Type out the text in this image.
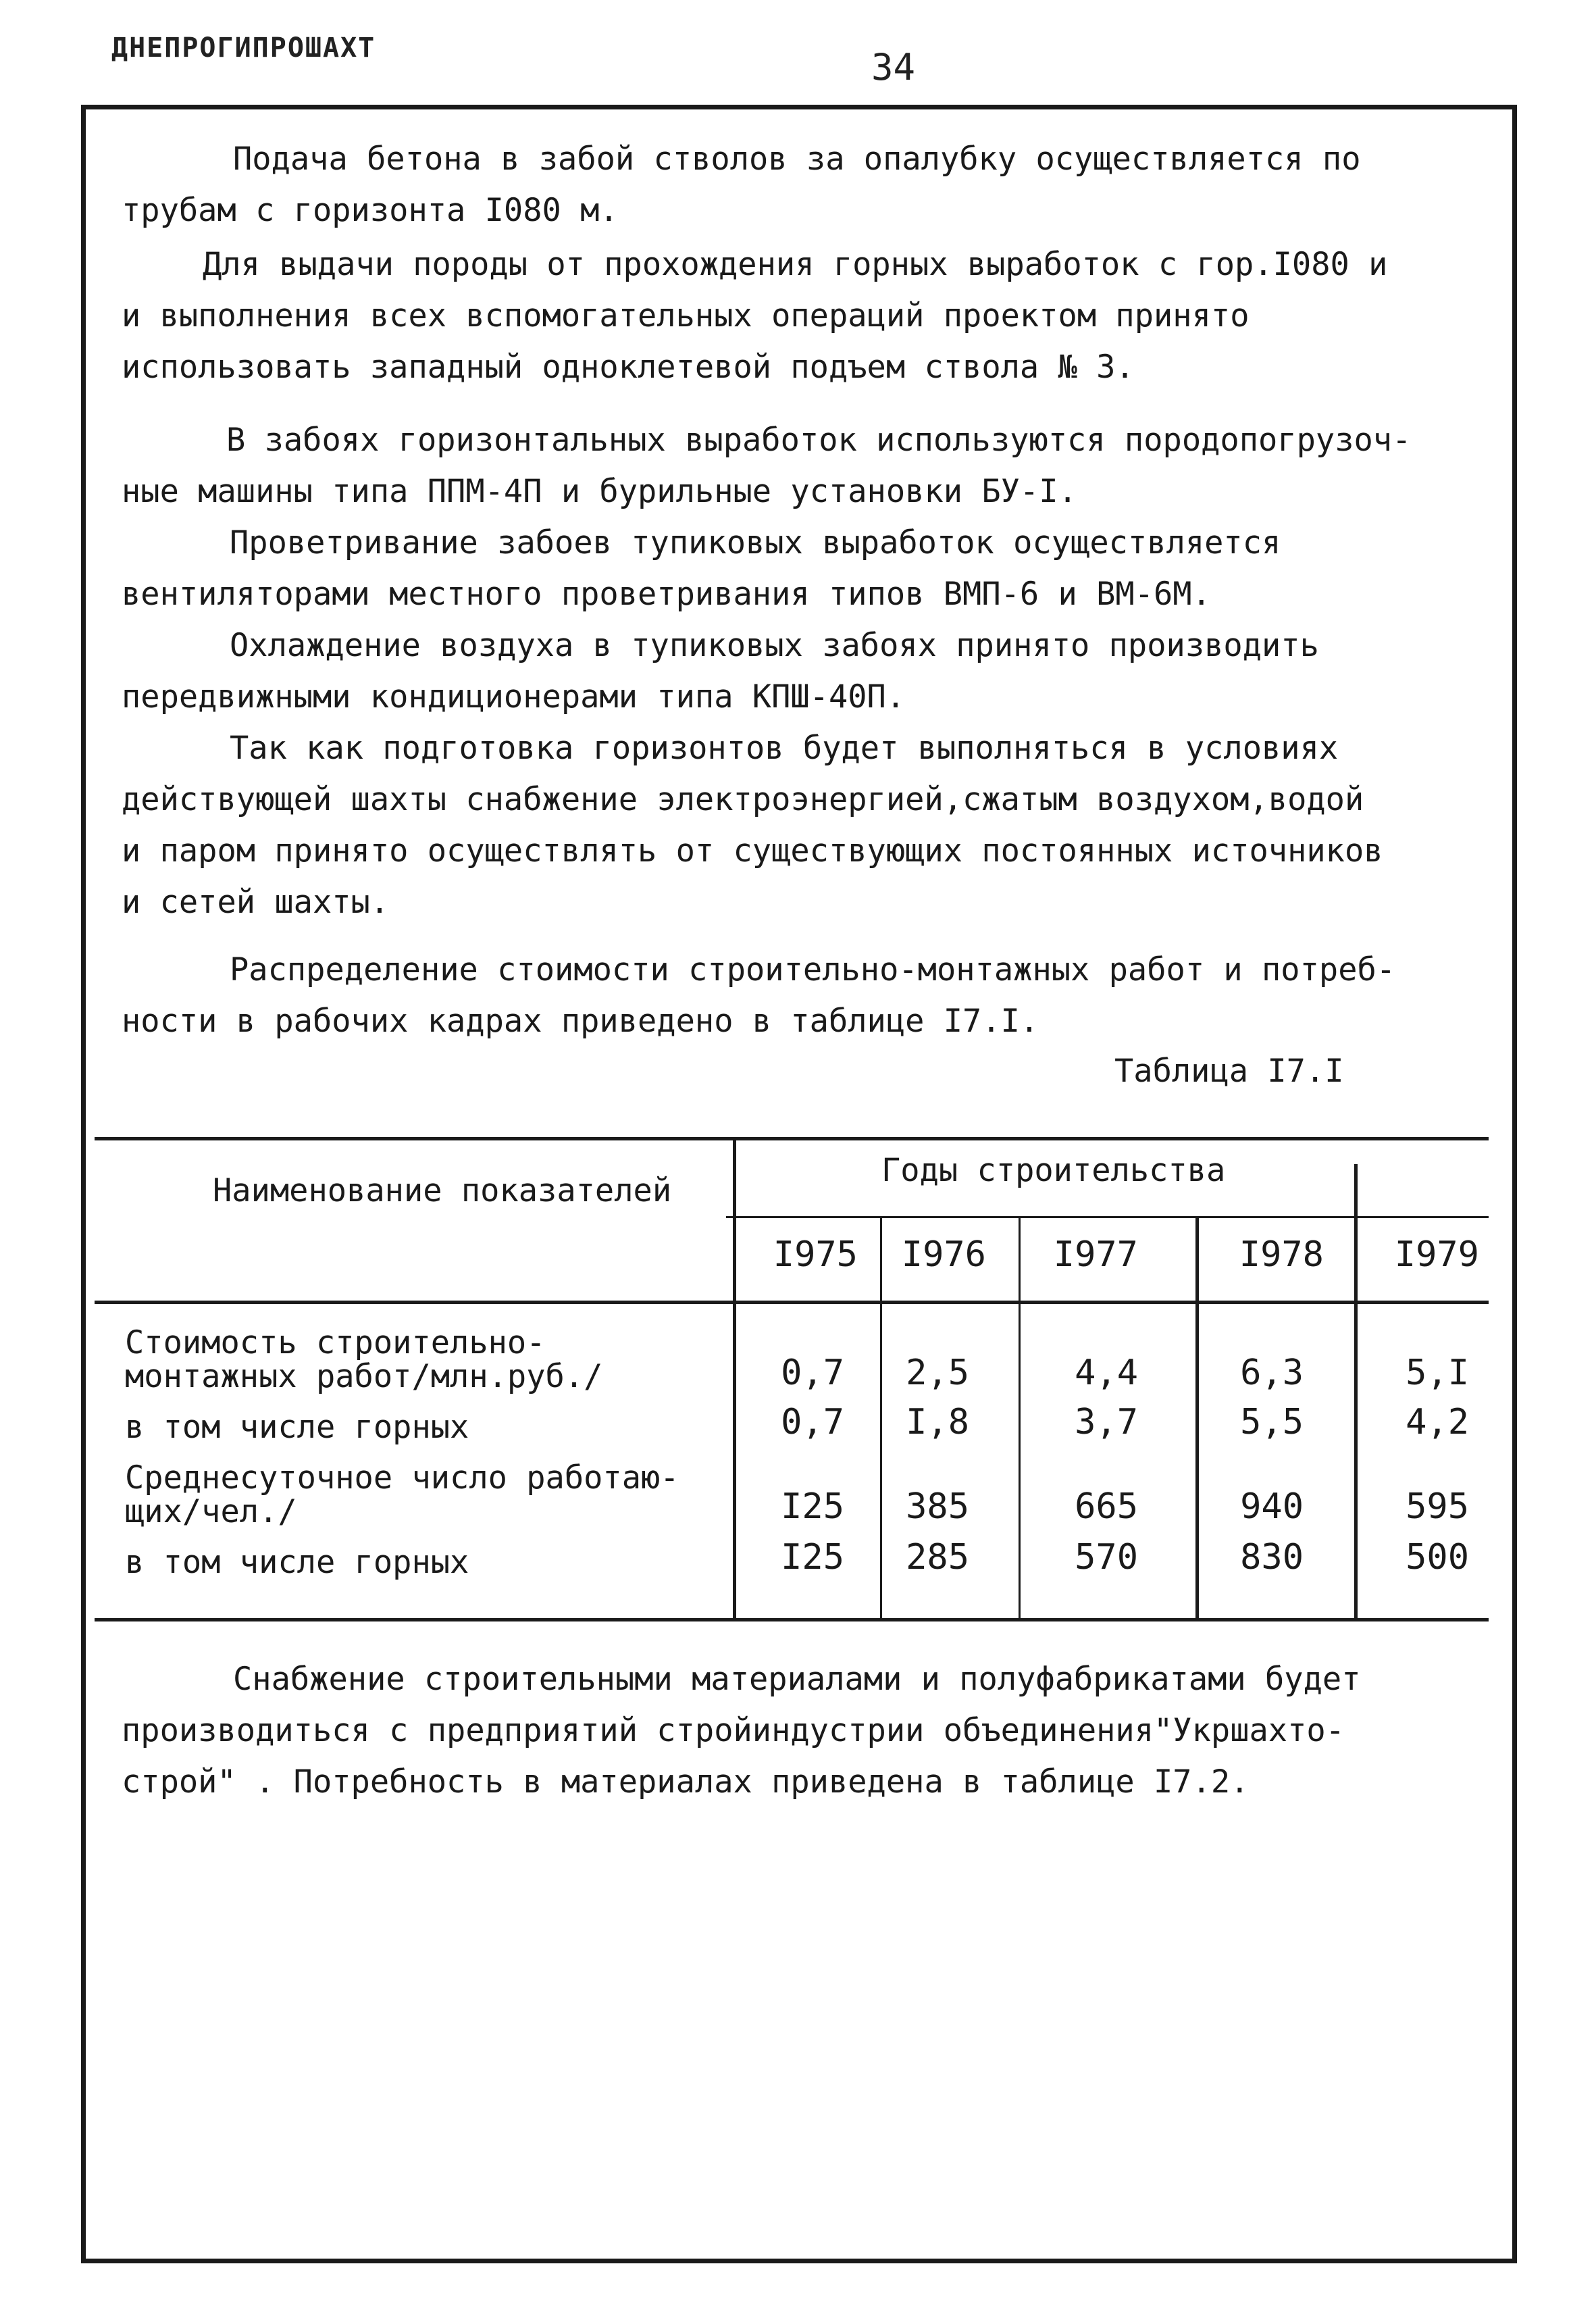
ДНЕПРОГИПРОШАХТ	34
Подача бетона в забой стволов за опалубку осуществляется по
трубам с горизонта I080 м.
Для выдачи породы от прохождения горных выработок с гор.I080 и
и выполнения всех вспомогательных операций проектом принято
использовать западный одноклетевой подъем ствола № 3.
В забоях горизонтальных выработок используются породопогрузоч-
ные машины типа ППМ-4П и бурильные установки БУ-I.
Проветривание забоев тупиковых выработок осуществляется
вентиляторами местного проветривания типов ВМП-6 и ВМ-6М.
Охлаждение воздуха в тупиковых забоях принято производить
передвижными кондиционерами типа КПШ-40П.
Так как подготовка горизонтов будет выполняться в условиях
действующей шахты снабжение электроэнергией,сжатым воздухом,водой
и паром принято осуществлять от существующих постоянных источников
и сетей шахты.
Распределение стоимости строительно-монтажных работ и потреб-
ности в рабочих кадрах приведено в таблице I7.I.
Таблица I7.I
Наименование показателей
Годы строительства
I975	I976	I977	I978	I979
Стоимость строительно-
монтажных работ/млн.руб./	0,7	2,5	4,4	6,3	5,I
в том числе горных	0,7	I,8	3,7	5,5	4,2
Среднесуточное число работаю-
щих/чел./	I25	385	665	940	595
в том числе горных	I25	285	570	830	500
Снабжение строительными материалами и полуфабрикатами будет
производиться с предприятий стройиндустрии объединения"Укршахто-
строй" . Потребность в материалах приведена в таблице I7.2.
